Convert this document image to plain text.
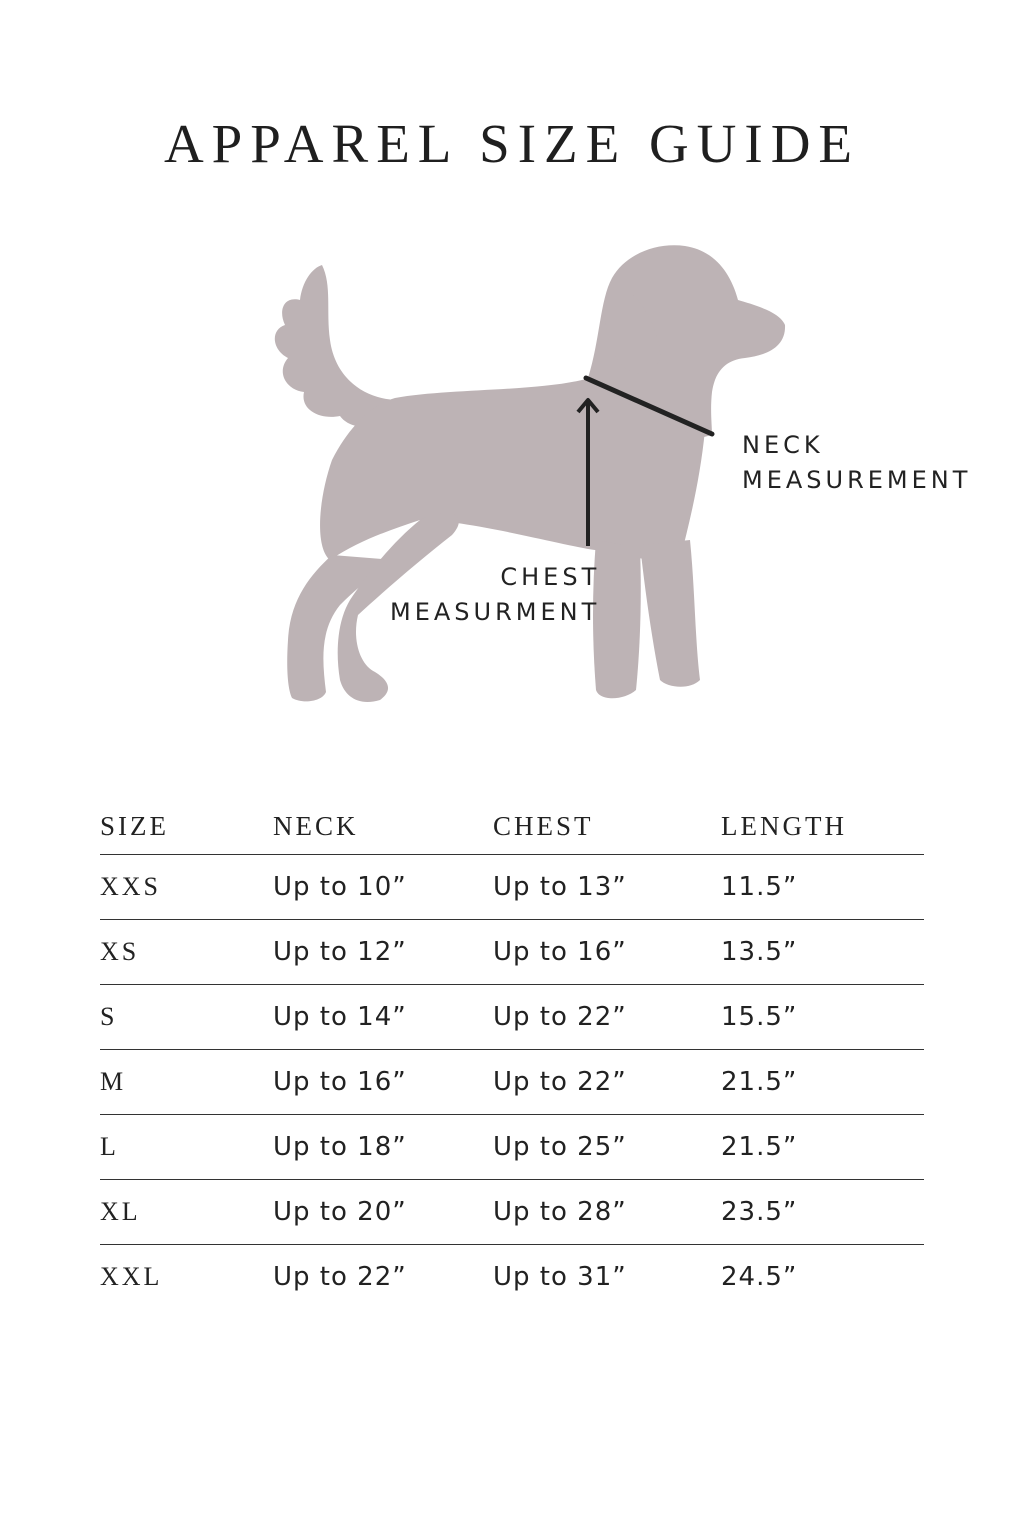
APPAREL SIZE GUIDE
NECK
MEASUREMENT
CHEST
MEASURMENT
SIZE	NECK	CHEST	LENGTH
XXS	Up to 10”	Up to 13”	11.5”
XS	Up to 12”	Up to 16”	13.5”
S	Up to 14”	Up to 22”	15.5”
M	Up to 16”	Up to 22”	21.5”
L	Up to 18”	Up to 25”	21.5”
XL	Up to 20”	Up to 28”	23.5”
XXL	Up to 22”	Up to 31”	24.5”
